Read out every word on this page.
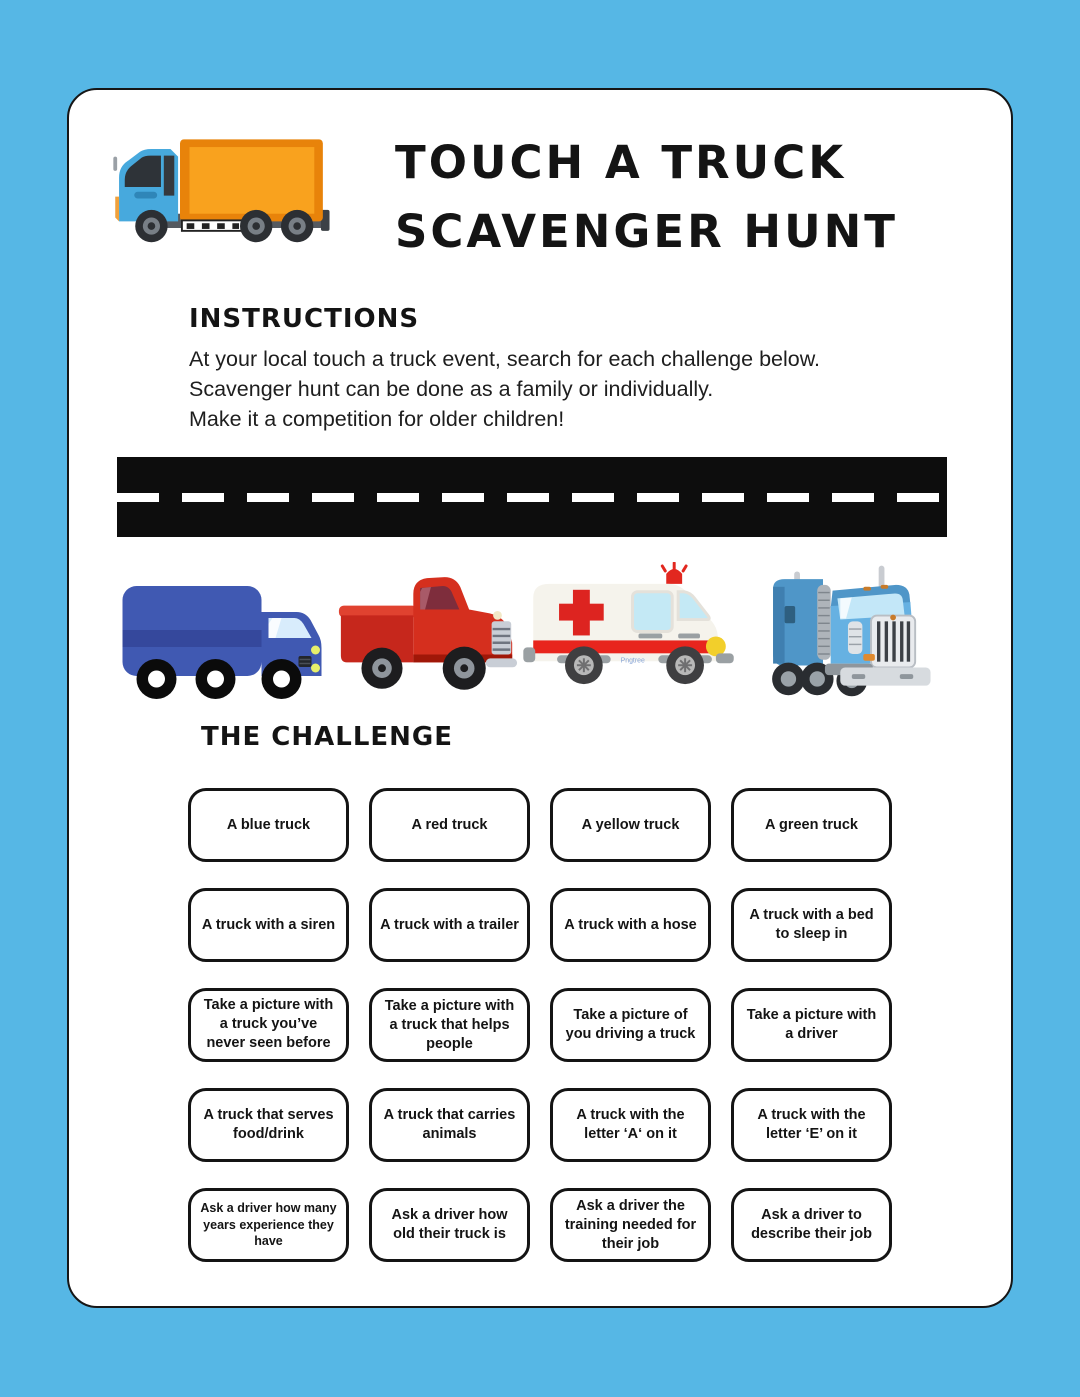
TOUCH A TRUCK
SCAVENGER HUNT
INSTRUCTIONS
At your local touch a truck event, search for each challenge below.
Scavenger hunt can be done as a family or individually.
Make it a competition for older children!
Pngtree
THE CHALLENGE
A blue truck	A red truck	A yellow truck	A green truck
A truck with a siren	A truck with a trailer	A truck with a hose
A truck with a bed to sleep in
Take a picture with a truck you’ve never seen before
Take a picture with a truck that helps people
Take a picture of you driving a truck
Take a picture with a driver
A truck that serves food/drink
A truck that carries animals
A truck with the letter ‘A‘ on it
A truck with the letter ‘E’ on it
Ask a driver how many years experience they have
Ask a driver how old their truck is
Ask a driver the training needed for their job
Ask a driver to describe their job
